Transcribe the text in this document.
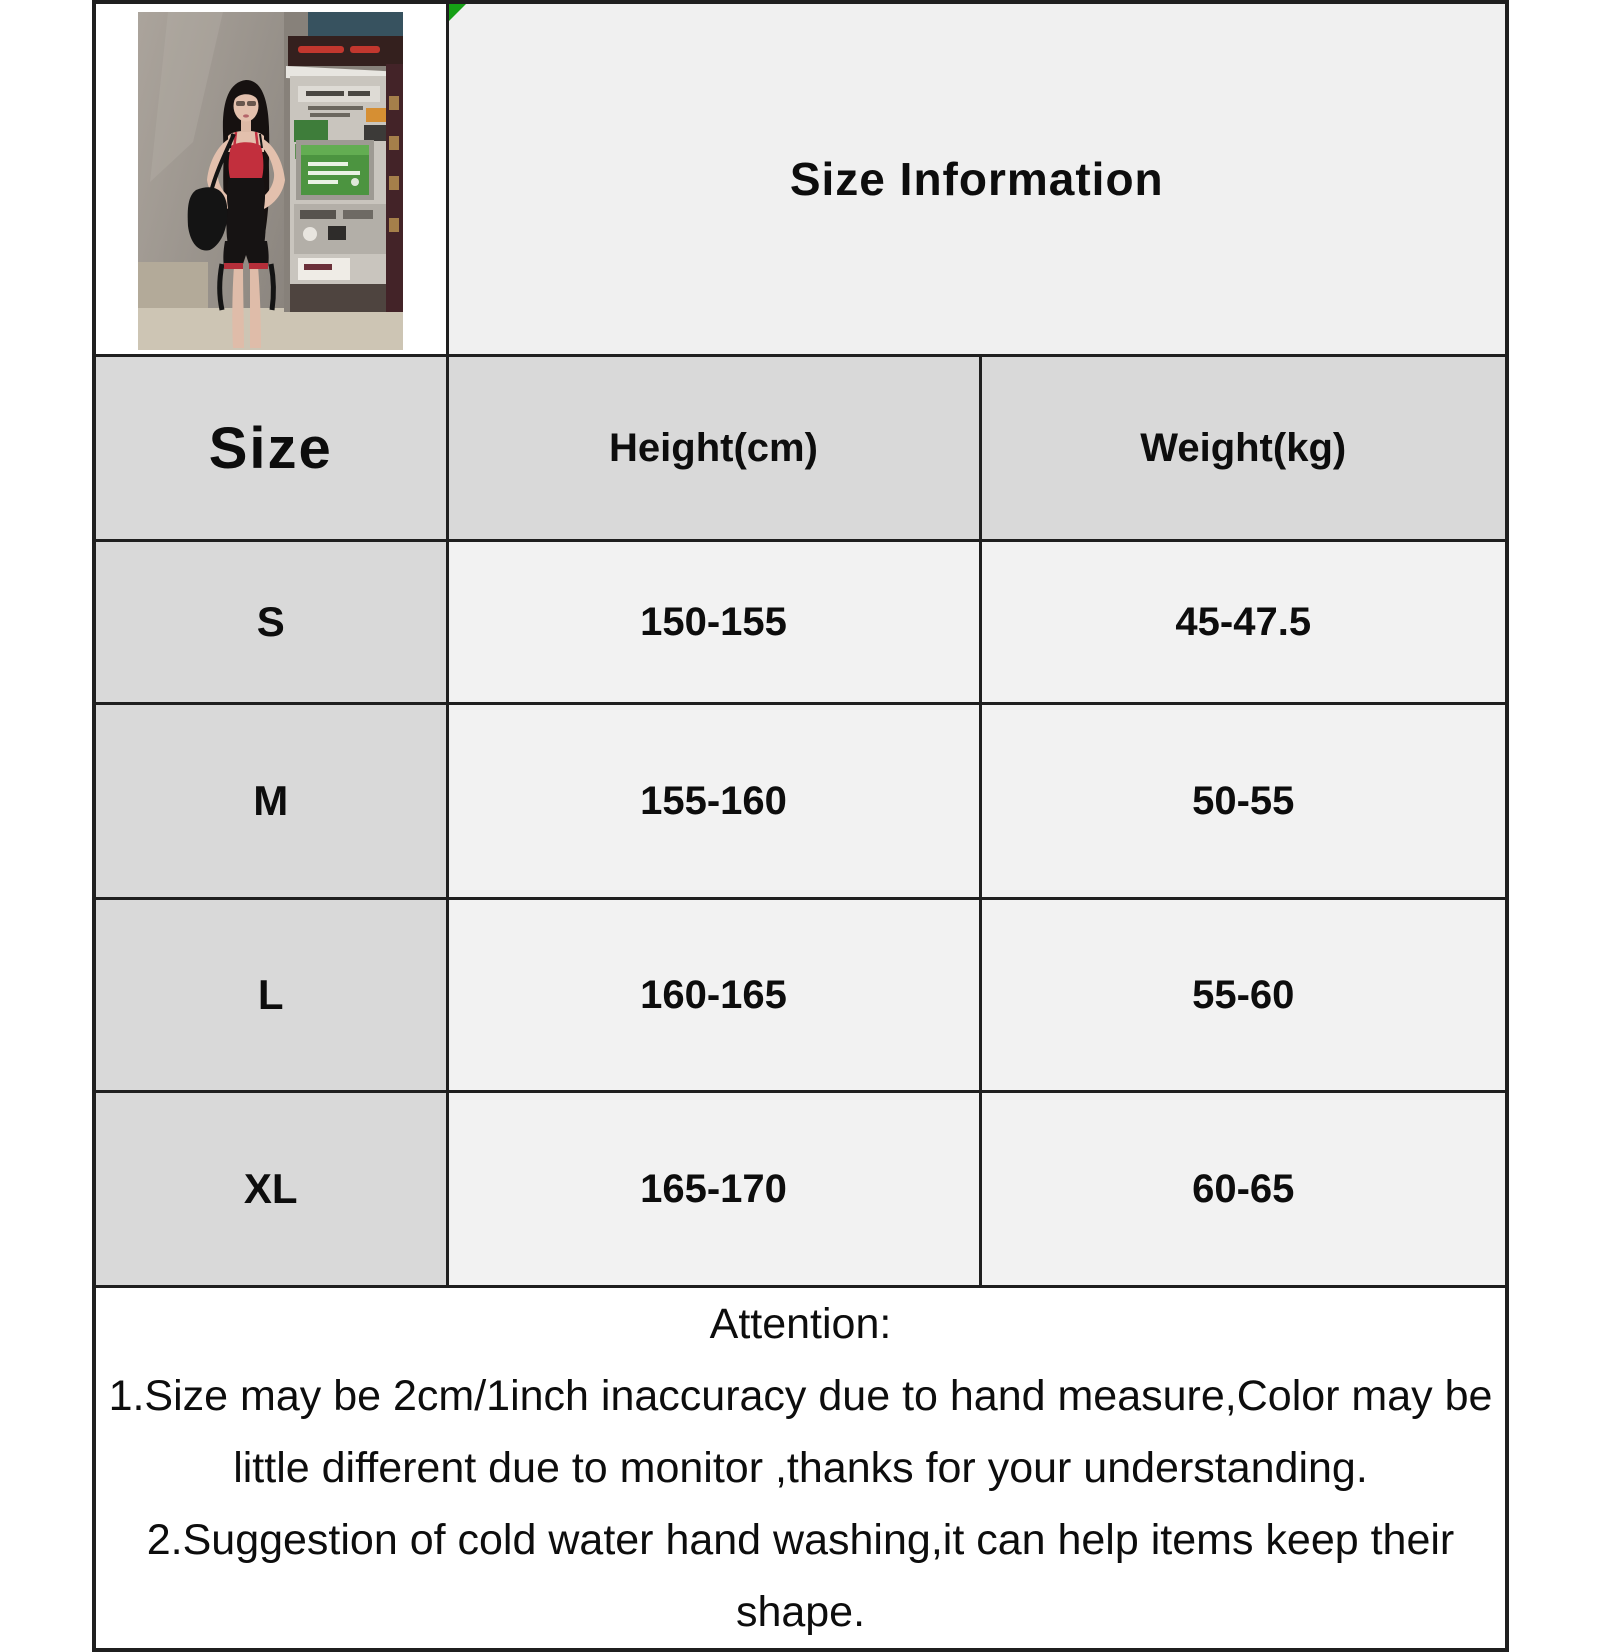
Size Information	
Size	Height(cm)	Weight(kg)
S	150-155	45-47.5
M	155-160	50-55
L	160-165	55-60
XL	165-170	60-65

Attention:
1.Size may be 2cm/1inch inaccuracy due to hand measure,Color may be little different due to monitor ,thanks for your understanding.
2.Suggestion of cold water hand washing,it can help items keep their shape.		
